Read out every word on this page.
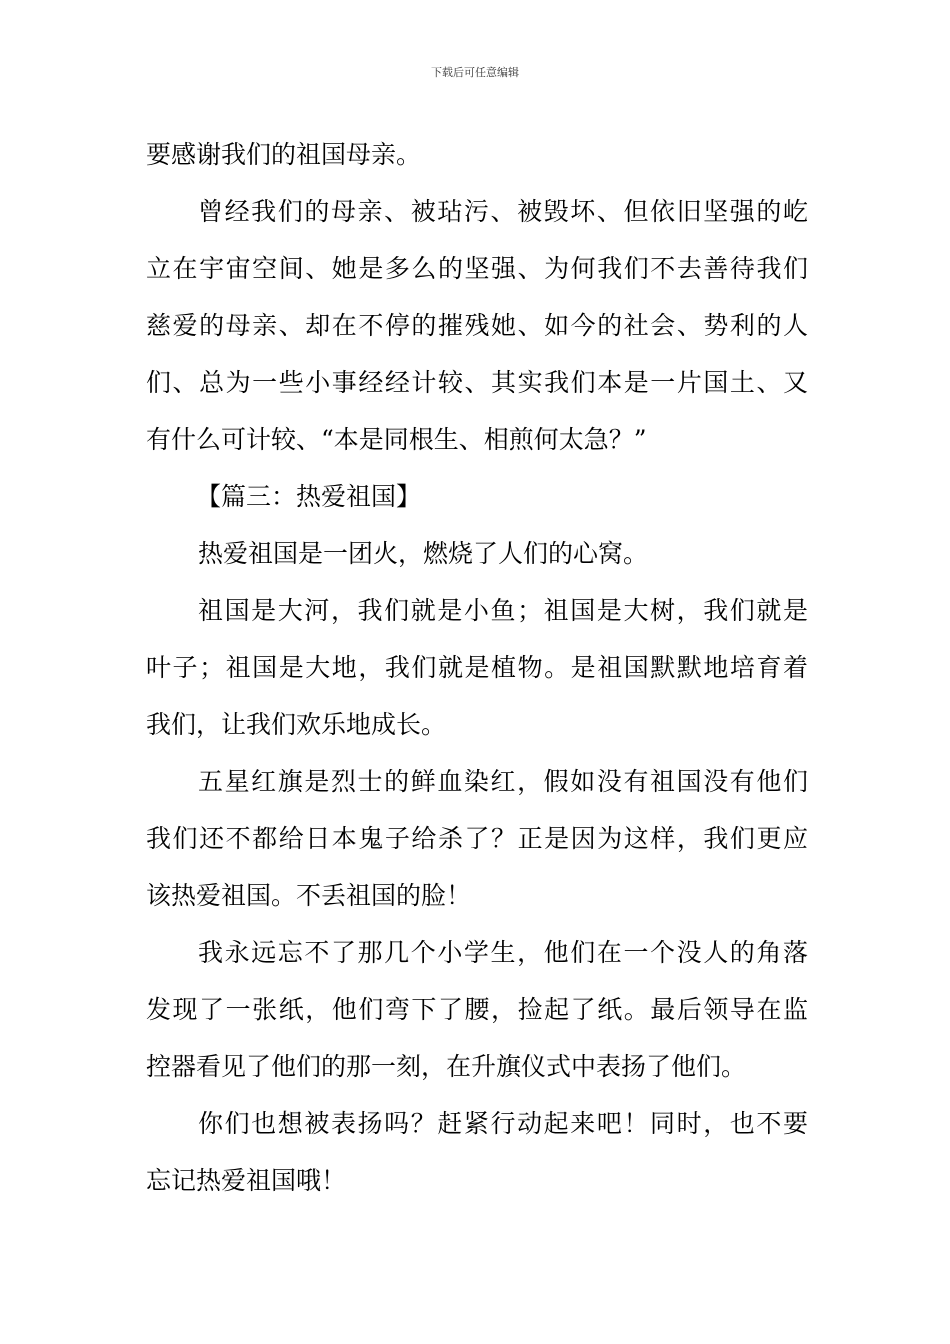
下载后可任意编辑
要感谢我们的祖国母亲。
曾经我们的母亲、被玷污、被毁坏、但依旧坚强的屹
立在宇宙空间、她是多么的坚强、为何我们不去善待我们
慈爱的母亲、却在不停的摧残她、如今的社会、势利的人
们、总为一些小事经经计较、其实我们本是一片国土、又
有什么可计较、“本是同根生、相煎何太急？”
【篇三：热爱祖国】
热爱祖国是一团火，燃烧了人们的心窝。
祖国是大河，我们就是小鱼；祖国是大树，我们就是
叶子；祖国是大地，我们就是植物。是祖国默默地培育着
我们，让我们欢乐地成长。
五星红旗是烈士的鲜血染红，假如没有祖国没有他们
我们还不都给日本鬼子给杀了？正是因为这样，我们更应
该热爱祖国。不丢祖国的脸！
我永远忘不了那几个小学生，他们在一个没人的角落
发现了一张纸，他们弯下了腰，捡起了纸。最后领导在监
控器看见了他们的那一刻，在升旗仪式中表扬了他们。
你们也想被表扬吗？赶紧行动起来吧！同时，也不要
忘记热爱祖国哦！
